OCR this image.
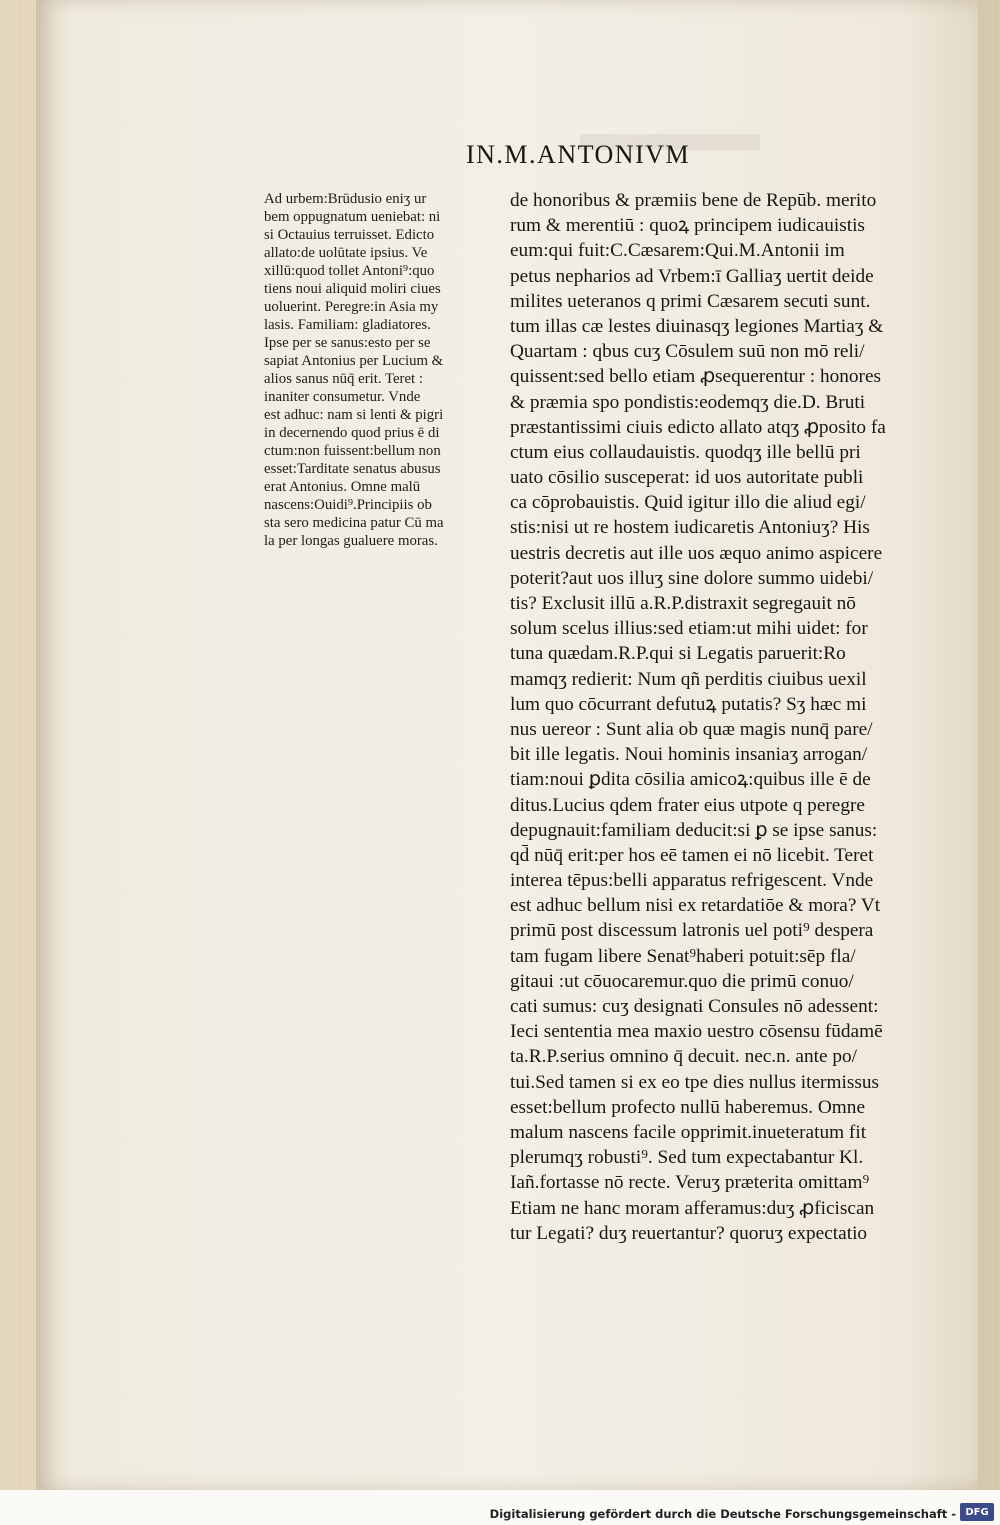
IN.M.ANTONIVM
Ad urbem:Brūdusio eniʒ ur
bem oppugnatum ueniebat: ni
si Octauius terruisset. Edicto
allato:de uolūtate ipsius. Ve
xillū:quod tollet Antoni⁹:quo
tiens noui aliquid moliri ciues
uoluerint. Peregre:in Asia my
lasis. Familiam: gladiatores.
Ipse per se sanus:esto per se
sapiat Antonius per Lucium &
alios sanus nūq̄ erit. Teret :
inaniter consumetur. Vnde
est adhuc: nam si lenti & pigri
in decernendo quod prius ē di
ctum:non fuissent:bellum non
esset:Tarditate senatus abusus
erat Antonius. Omne malū
nascens:Ouidi⁹.Principiis ob
sta sero medicina patur Cū ma
la per longas gualuere moras.
de honoribus & præmiis bene de Repūb. merito
rum & merentiū : quoꝝ principem iudicauistis
eum:qui fuit:C.Cæsarem:Qui.M.Antonii im
petus nepharios ad Vrbem:ī Galliaʒ uertit deide
milites ueteranos q primi Cæsarem secuti sunt.
tum illas cæ lestes diuinasqʒ legiones Martiaʒ &
Quartam : qbus cuʒ Cōsulem suū non mō reli/
quissent:sed bello etiam ꝓsequerentur : honores
& præmia spo pondistis:eodemqʒ die.D. Bruti
præstantissimi ciuis edicto allato atqʒ ꝓposito fa
ctum eius collaudauistis. quodqʒ ille bellū pri
uato cōsilio susceperat: id uos autoritate publi
ca cōprobauistis. Quid igitur illo die aliud egi/
stis:nisi ut re hostem iudicaretis Antoniuʒ? His
uestris decretis aut ille uos æquo animo aspicere
poterit?aut uos illuʒ sine dolore summo uidebi/
tis? Exclusit illū a.R.P.distraxit segregauit nō
solum scelus illius:sed etiam:ut mihi uidet: for
tuna quædam.R.P.qui si Legatis paruerit:Ro
mamqʒ redierit: Num qñ perditis ciuibus uexil
lum quo cōcurrant defutuꝝ putatis? Sʒ hæc mi
nus uereor : Sunt alia ob quæ magis nunq̄ pare/
bit ille legatis. Noui hominis insaniaʒ arrogan/
tiam:noui ꝑdita cōsilia amicoꝝ:quibus ille ē de
ditus.Lucius qdem frater eius utpote q peregre
depugnauit:familiam deducit:si ꝑ se ipse sanus:
qd̄ nūq̄ erit:per hos eē tamen ei nō licebit. Teret
interea tēpus:belli apparatus refrigescent. Vnde
est adhuc bellum nisi ex retardatiōe & mora? Vt
primū post discessum latronis uel poti⁹ despera
tam fugam libere Senat⁹haberi potuit:sēp fla/
gitaui :ut cōuocaremur.quo die primū conuo/
cati sumus: cuʒ designati Consules nō adessent:
Ieci sententia mea maxio uestro cōsensu fūdamē
ta.R.P.serius omnino q̄ decuit. nec.n. ante po/
tui.Sed tamen si ex eo tpe dies nullus itermissus
esset:bellum profecto nullū haberemus. Omne
malum nascens facile opprimit.inueteratum fit
plerumqʒ robusti⁹. Sed tum expectabantur Kl.
Iañ.fortasse nō recte. Veruʒ præterita omittam⁹
Etiam ne hanc moram afferamus:duʒ ꝓficiscan
tur Legati? duʒ reuertantur? quoruʒ expectatio
Digitalisierung gefördert durch die Deutsche Forschungsgemeinschaft - DFG
